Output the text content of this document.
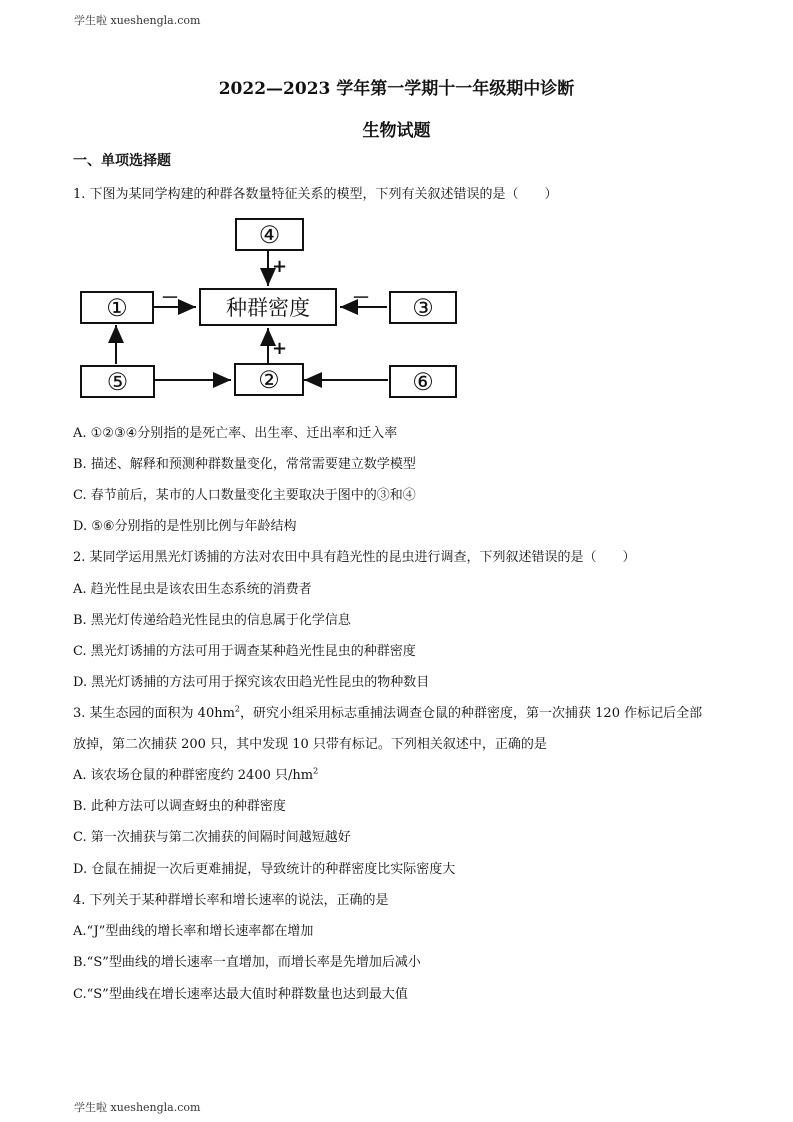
学生啦 xueshengla.com
2022—2023 学年第一学期十一年级期中诊断
生物试题
一、单项选择题
1. 下图为某同学构建的种群各数量特征关系的模型，下列有关叙述错误的是（　　）
④
①	种群密度	③
⑤	②	⑥
+
－	－
+
A. ①②③④分别指的是死亡率、出生率、迁出率和迁入率
B. 描述、解释和预测种群数量变化，常常需要建立数学模型
C. 春节前后，某市的人口数量变化主要取决于图中的③和④
D. ⑤⑥分别指的是性别比例与年龄结构
2. 某同学运用黑光灯诱捕的方法对农田中具有趋光性的昆虫进行调查，下列叙述错误的是（　　）
A. 趋光性昆虫是该农田生态系统的消费者
B. 黑光灯传递给趋光性昆虫的信息属于化学信息
C. 黑光灯诱捕的方法可用于调查某种趋光性昆虫的种群密度
D. 黑光灯诱捕的方法可用于探究该农田趋光性昆虫的物种数目
3. 某生态园的面积为 $40hm^2$，研究小组采用标志重捕法调查仓鼠的种群密度，第一次捕获 120 作标记后全部
放掉，第二次捕获 200 只，其中发现 10 只带有标记。下列相关叙述中，正确的是
A. 该农场仓鼠的种群密度约 2400 只$/hm^2$
B. 此种方法可以调查蚜虫的种群密度
C. 第一次捕获与第二次捕获的间隔时间越短越好
D. 仓鼠在捕捉一次后更难捕捉，导致统计的种群密度比实际密度大
4. 下列关于某种群增长率和增长速率的说法，正确的是
A.“J”型曲线的增长率和增长速率都在增加
B.“S”型曲线的增长速率一直增加，而增长率是先增加后减小
C.“S”型曲线在增长速率达最大值时种群数量也达到最大值
学生啦 xueshengla.com
